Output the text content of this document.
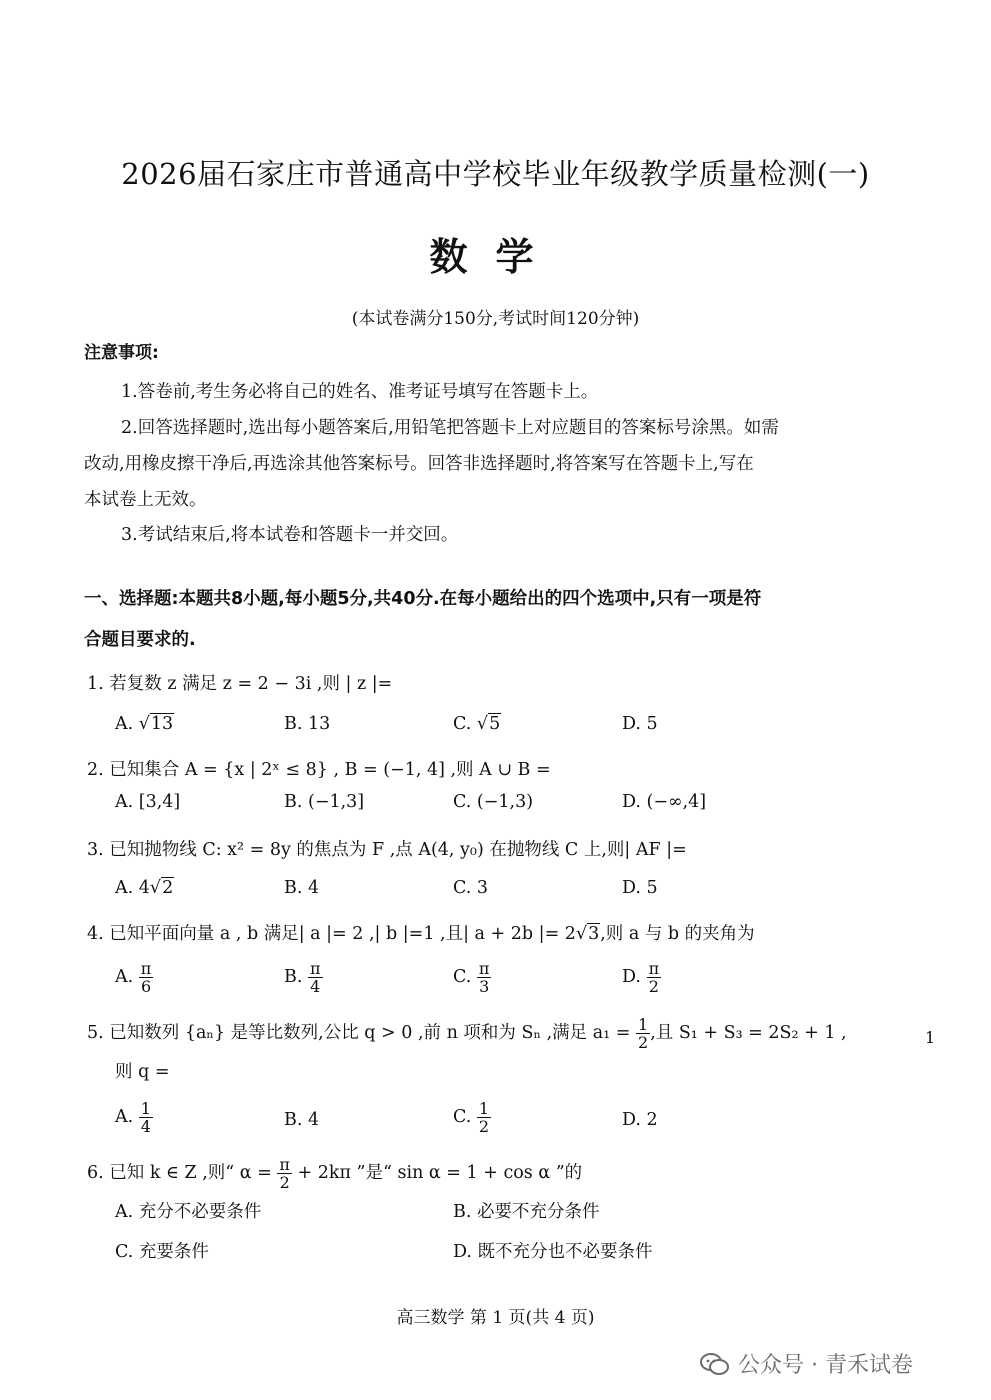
2026届石家庄市普通高中学校毕业年级教学质量检测(一)
数学
(本试卷满分150分,考试时间120分钟)
注意事项:
1.答卷前,考生务必将自己的姓名、准考证号填写在答题卡上。
2.回答选择题时,选出每小题答案后,用铅笔把答题卡上对应题目的答案标号涂黑。如需
改动,用橡皮擦干净后,再选涂其他答案标号。回答非选择题时,将答案写在答题卡上,写在
本试卷上无效。
3.考试结束后,将本试卷和答题卡一并交回。
一、选择题:本题共8小题,每小题5分,共40分.在每小题给出的四个选项中,只有一项是符
合题目要求的.
1. 若复数 z 满足 z = 2 − 3i ,则 | z |=
A. √13	B. 13	C. √5	D. 5
2. 已知集合 A = {x | 2ˣ ≤ 8} , B = (−1, 4] ,则 A ∪ B =
A. [3,4]	B. (−1,3]	C. (−1,3)	D. (−∞,4]
3. 已知抛物线 C: x² = 8y 的焦点为 F ,点 A(4, y₀) 在抛物线 C 上,则| AF |=
A. 4√2	B. 4	C. 3	D. 5
4. 已知平面向量 a , b 满足| a |= 2 ,| b |=1 ,且| a + 2b |= 2√3,则 a 与 b 的夹角为
A. $\frac{\pi}{6}$	B. $\frac{\pi}{4}$	C. $\frac{\pi}{3}$	D. $\frac{\pi}{2}$
5. 已知数列 {aₙ} 是等比数列,公比 q > 0 ,前 n 项和为 Sₙ ,满足 $a_1 = \frac{1}{2}$ ,且 S₁ + S₃ = 2S₂ + 1 ,
则 q =
A. $\frac{1}{4}$	B. 4	C. $\frac{1}{2}$	D. 2
6. 已知 k ∈ Z ,则“ $\alpha = \frac{\pi}{2} + 2k\pi$ ”是“ sin α = 1 + cos α ”的
A. 充分不必要条件	B. 必要不充分条件
C. 充要条件	D. 既不充分也不必要条件
1
高三数学 第 1 页(共 4 页)
公众号 · 青禾试卷
